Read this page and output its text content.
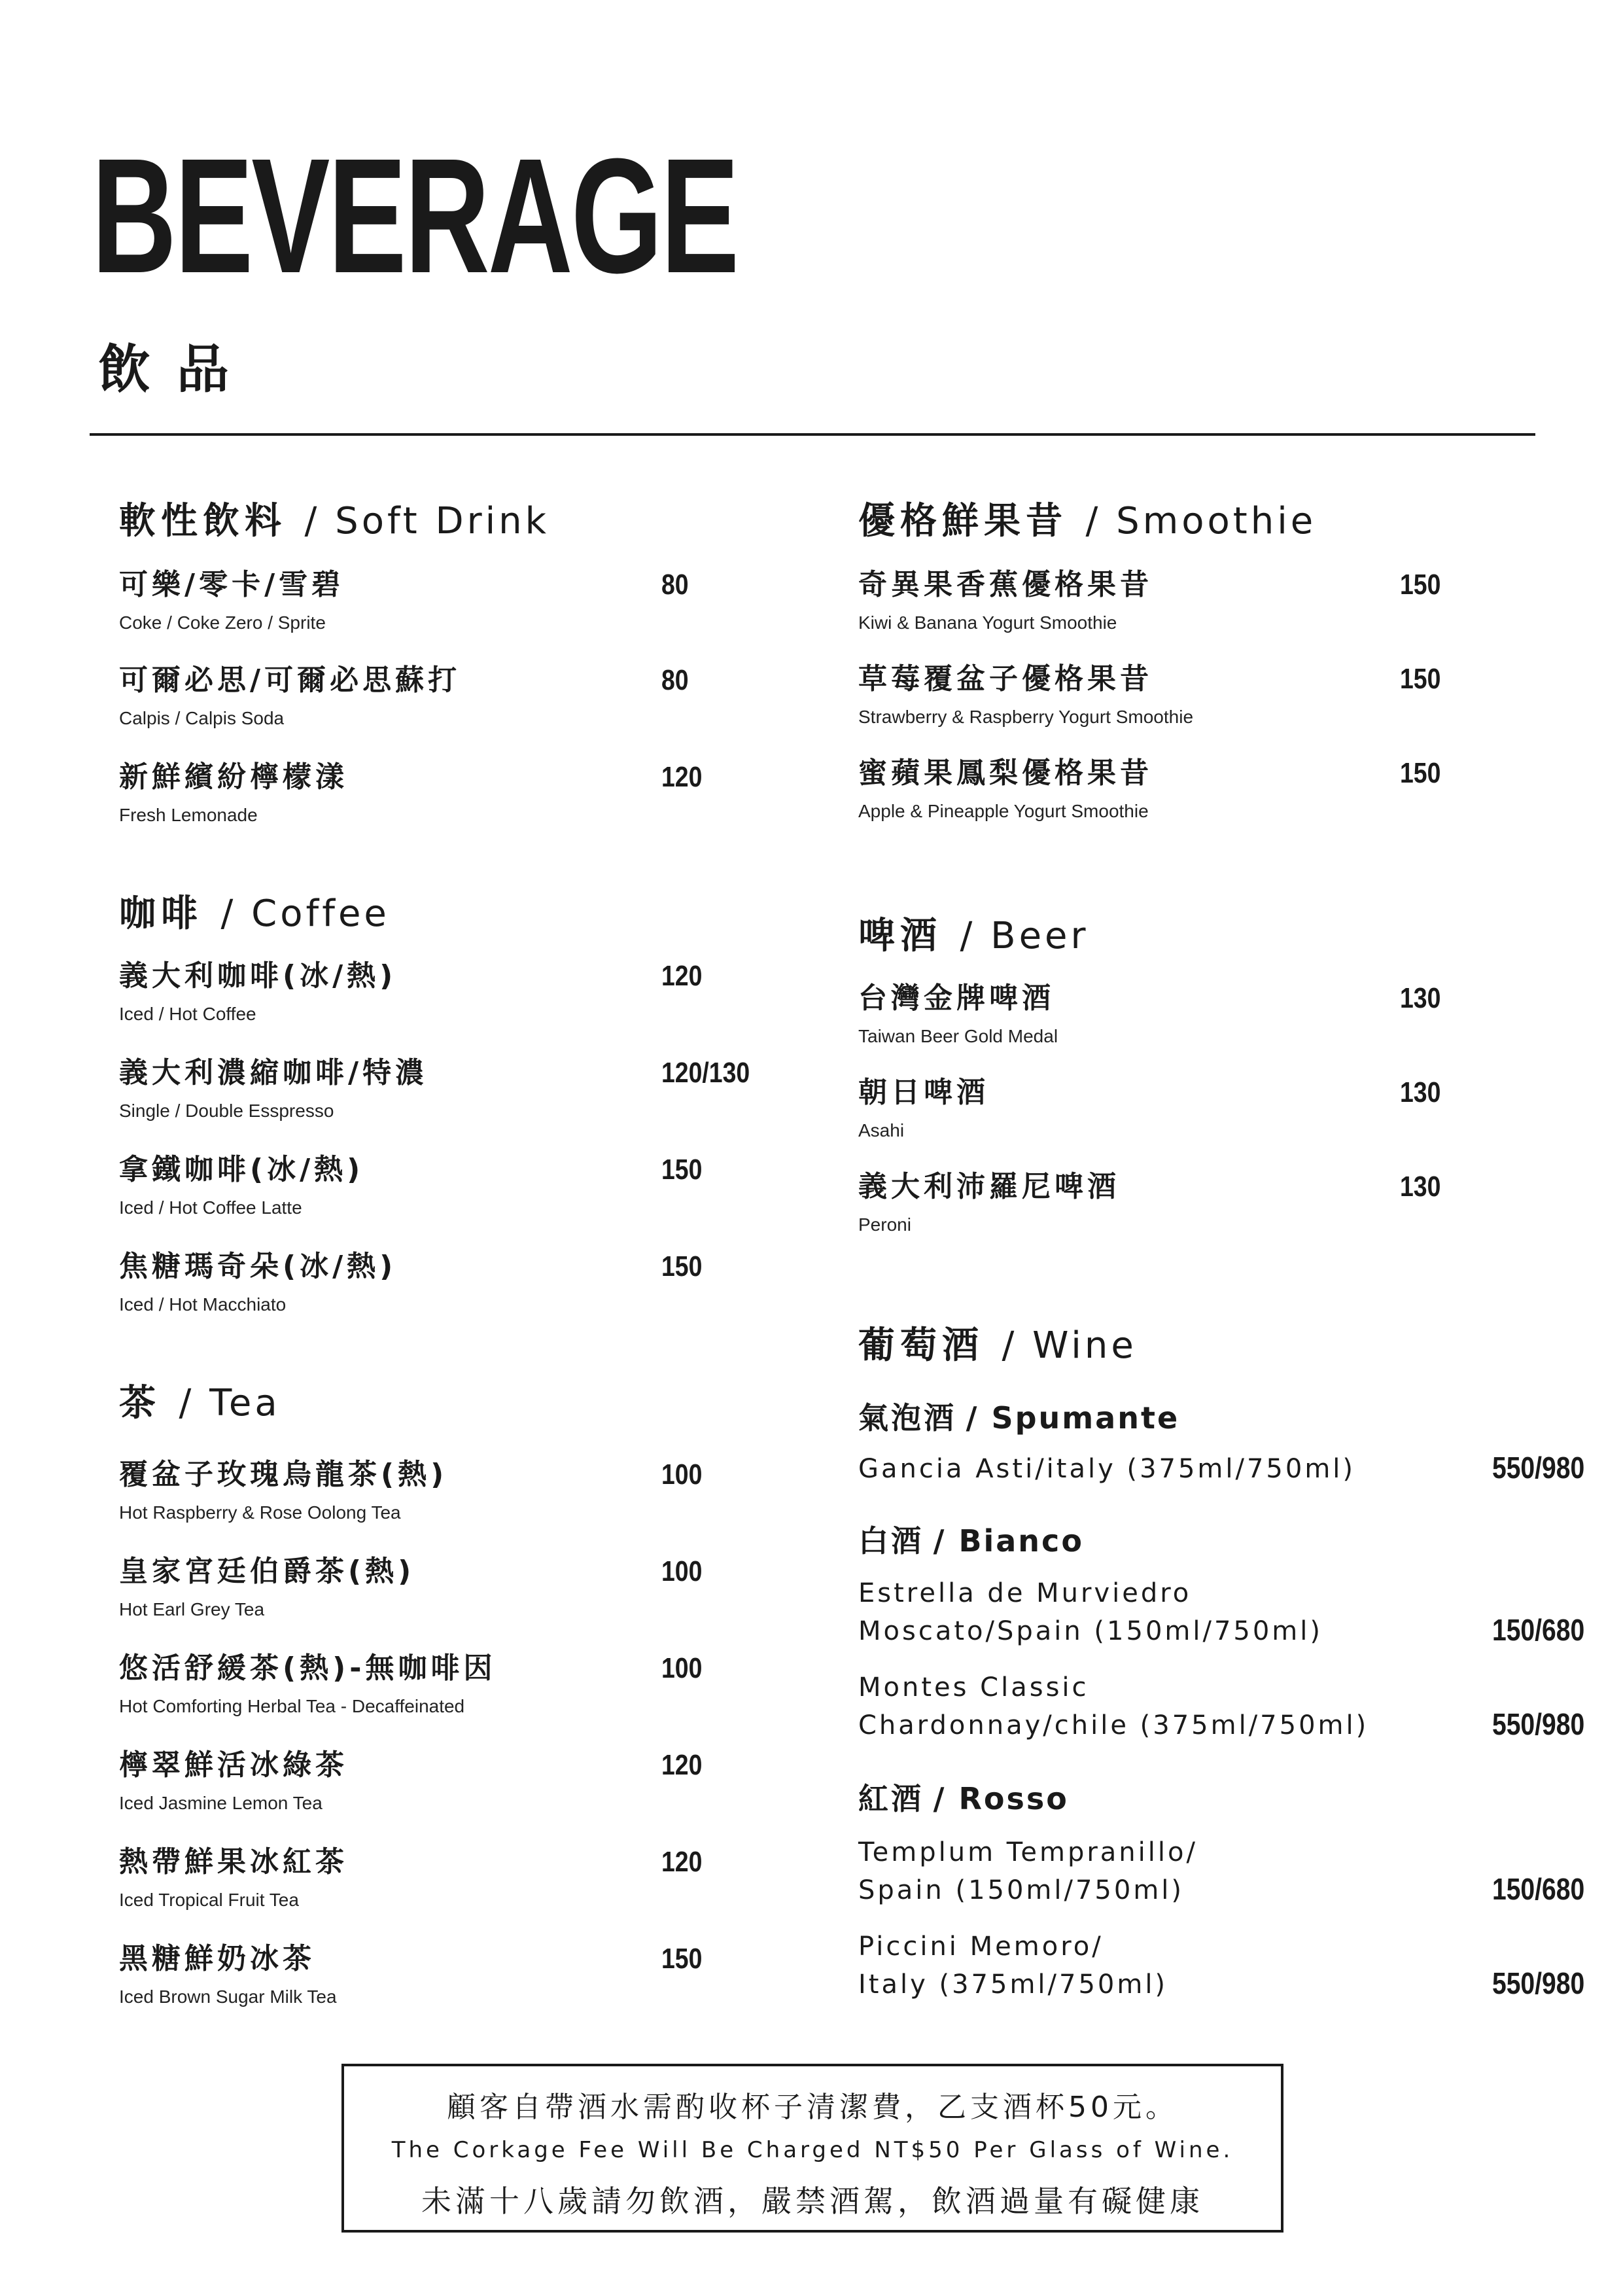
BEVERAGE
飲品
軟性飲料 / Soft Drink
可樂/零卡/雪碧
Coke / Coke Zero / Sprite
80
可爾必思/可爾必思蘇打
Calpis / Calpis Soda
80
新鮮繽紛檸檬漾
Fresh Lemonade
120
咖啡 / Coffee
義大利咖啡(冰/熱)
Iced / Hot Coffee
120
義大利濃縮咖啡/特濃
Single / Double Esspresso
120/130
拿鐵咖啡(冰/熱)
Iced / Hot Coffee Latte
150
焦糖瑪奇朵(冰/熱)
Iced / Hot Macchiato
150
茶 / Tea
覆盆子玫瑰烏龍茶(熱)
Hot Raspberry & Rose Oolong Tea
100
皇家宮廷伯爵茶(熱)
Hot Earl Grey Tea
100
悠活舒緩茶(熱)-無咖啡因
Hot Comforting Herbal Tea - Decaffeinated
100
檸翠鮮活冰綠茶
Iced Jasmine Lemon Tea
120
熱帶鮮果冰紅茶
Iced Tropical Fruit Tea
120
黑糖鮮奶冰茶
Iced Brown Sugar Milk Tea
150
優格鮮果昔 / Smoothie
奇異果香蕉優格果昔
Kiwi & Banana Yogurt Smoothie
150
草莓覆盆子優格果昔
Strawberry & Raspberry Yogurt Smoothie
150
蜜蘋果鳳梨優格果昔
Apple & Pineapple Yogurt Smoothie
150
啤酒 / Beer
台灣金牌啤酒
Taiwan Beer Gold Medal
130
朝日啤酒
Asahi
130
義大利沛羅尼啤酒
Peroni
130
葡萄酒 / Wine
氣泡酒 / Spumante
Gancia Asti/italy (375ml/750ml)	550/980
白酒 / Bianco
Estrella de Murviedro
Moscato/Spain (150ml/750ml)	150/680
Montes Classic
Chardonnay/chile (375ml/750ml)	550/980
紅酒 / Rosso
Templum Tempranillo/
Spain (150ml/750ml)	150/680
Piccini Memoro/
Italy (375ml/750ml)	550/980
顧客自帶酒水需酌收杯子清潔費，乙支酒杯50元。
The Corkage Fee Will Be Charged NT$50 Per Glass of Wine.
未滿十八歲請勿飲酒，嚴禁酒駕，飲酒過量有礙健康
